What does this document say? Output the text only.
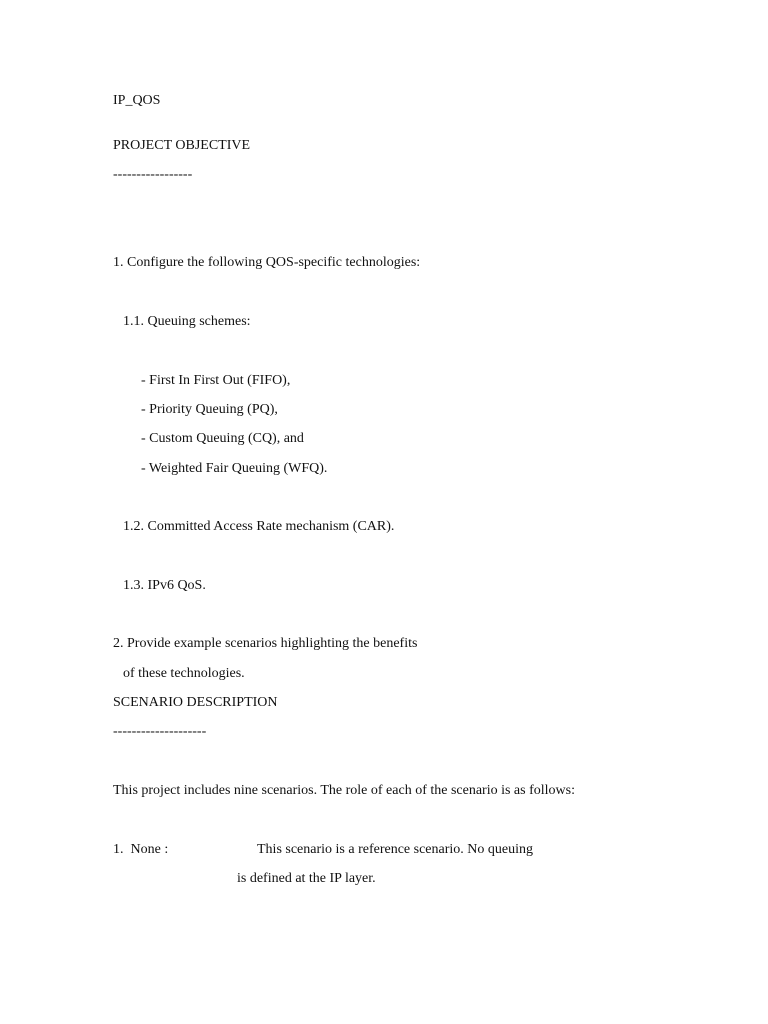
IP_QOS
PROJECT OBJECTIVE
-----------------
1. Configure the following QOS-specific technologies:
1.1. Queuing schemes:
- First In First Out (FIFO),
- Priority Queuing (PQ),
- Custom Queuing (CQ), and
- Weighted Fair Queuing (WFQ).
1.2. Committed Access Rate mechanism (CAR).
1.3. IPv6 QoS.
2. Provide example scenarios highlighting the benefits
of these technologies.
SCENARIO DESCRIPTION
--------------------
This project includes nine scenarios. The role of each of the scenario is as follows:
1.  None :	This scenario is a reference scenario. No queuing
is defined at the IP layer.
